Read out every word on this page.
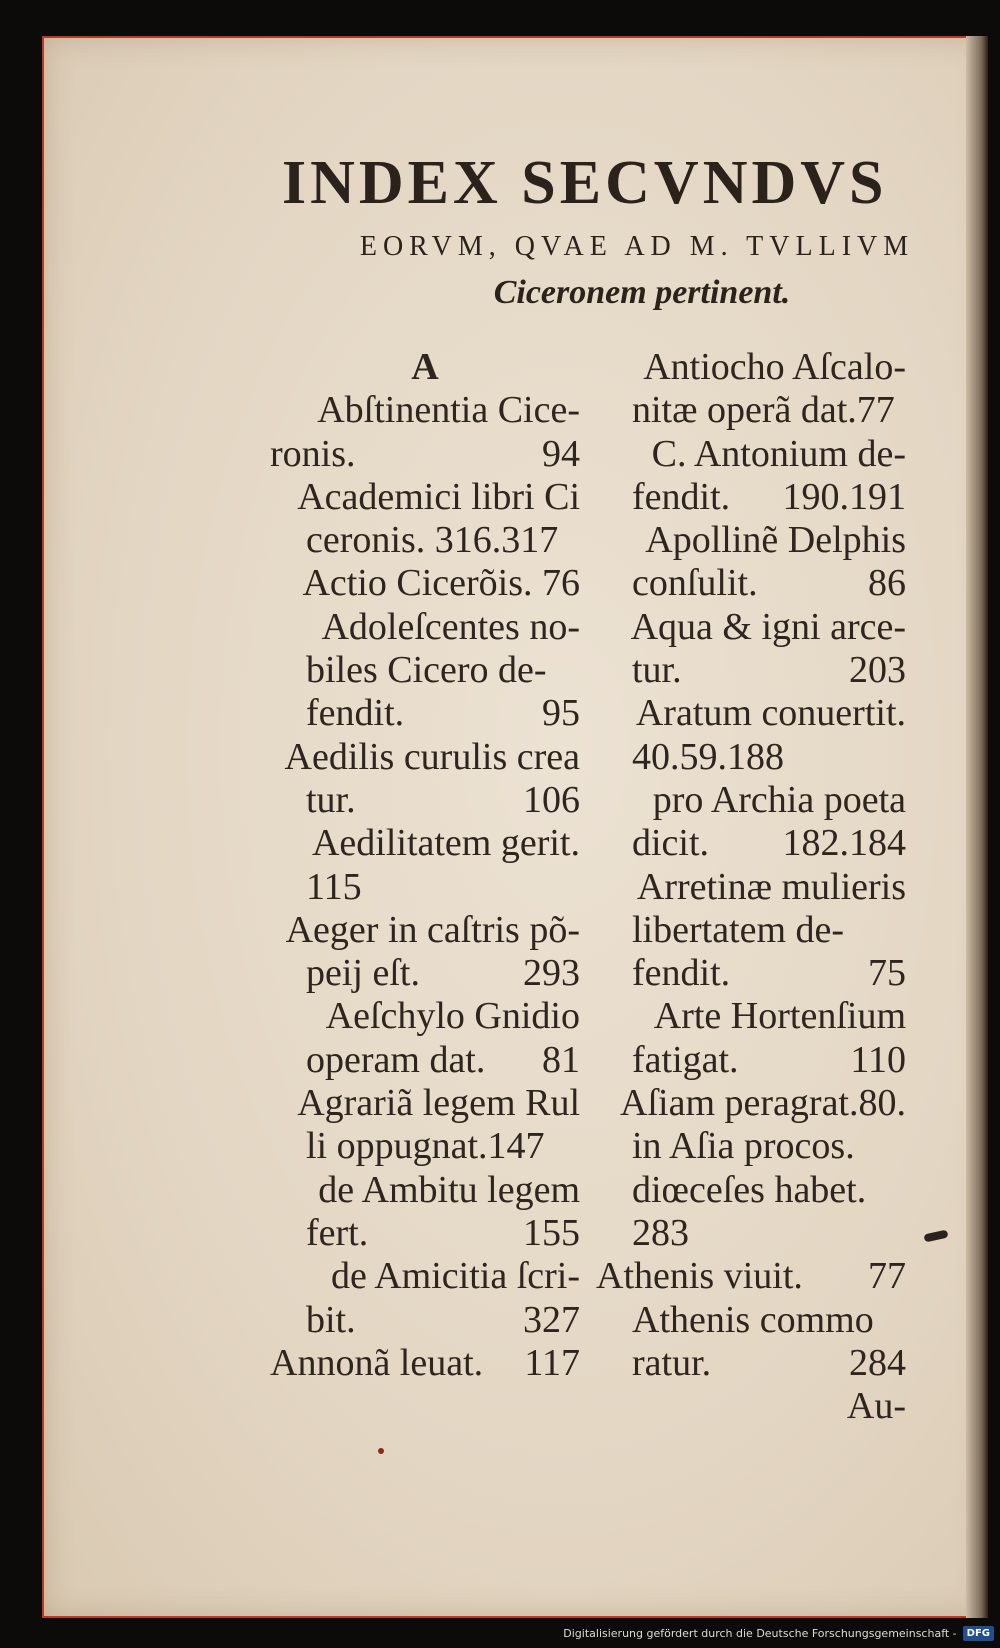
INDEX SECVNDVS
EORVM, QVAE AD M. TVLLIVM
Ciceronem pertinent.
A
Abſtinentia Cice-
ronis.	94
Academici libri Ci
ceronis. 316.317
Actio Cicerõis. 76
Adoleſcentes no-
biles Cicero de-
fendit.	95
Aedilis curulis crea
tur.	106
Aedilitatem gerit.
115
Aeger in caſtris põ-
peij eſt.	293
Aeſchylo Gnidio
operam dat. 81
Agrariã legem Rul
li oppugnat.147
de Ambitu legem
fert.	155
de Amicitia ſcri-
bit.	327
Annonã leuat. 117
Antiocho Aſcalo-
nitæ operã dat.77
C. Antonium de-
fendit. 190.191
Apollinẽ Delphis
conſulit.	86
Aqua & igni arce-
tur.	203
Aratum conuertit.
40.59.188
pro Archia poeta
dicit. 182.184
Arretinæ mulieris
libertatem de-
fendit.	75
Arte Hortenſium
fatigat.	110
Aſiam peragrat.80.
in Aſia procos.
diœceſes habet.
283
Athenis viuit. 77
Athenis commo
ratur.	284
Au-
Digitalisierung gefördert durch die Deutsche Forschungsgemeinschaft -	DFG
